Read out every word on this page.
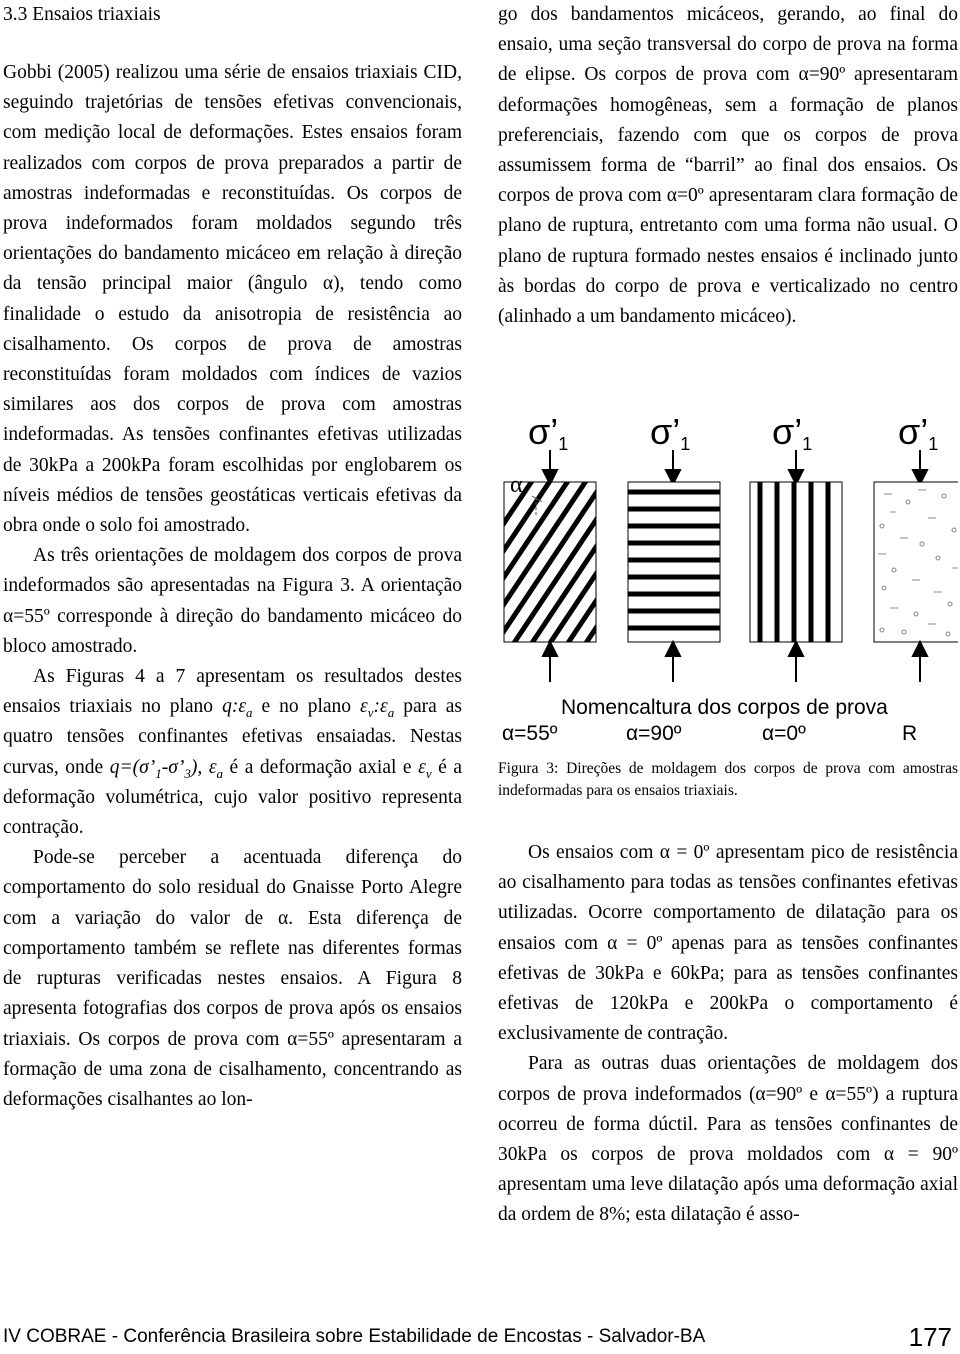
3.3 Ensaios triaxiais

Gobbi (2005) realizou uma série de ensaios triaxiais CID, seguindo trajetórias de tensões efetivas convencionais, com medição local de deformações. Estes ensaios foram realizados com corpos de prova preparados a partir de amostras indeformadas e reconstituídas. Os corpos de prova indeformados foram moldados segundo três orientações do bandamento micáceo em relação à direção da tensão principal maior (ângulo α), tendo como finalidade o estudo da anisotropia de resistência ao cisalhamento. Os corpos de prova de amostras reconstituídas foram moldados com índices de vazios similares aos dos corpos de prova com amostras indeformadas. As tensões confinantes efetivas utilizadas de 30kPa a 200kPa foram escolhidas por englobarem os níveis médios de tensões geostáticas verticais efetivas da obra onde o solo foi amostrado.

As três orientações de moldagem dos corpos de prova indeformados são apresentadas na Figura 3. A orientação α=55º corresponde à direção do bandamento micáceo do bloco amostrado.

As Figuras 4 a 7 apresentam os resultados destes ensaios triaxiais no plano $q:\varepsilon_a$ e no plano $\varepsilon_v:\varepsilon_a$ para as quatro tensões confinantes efetivas ensaiadas. Nestas curvas, onde $q=(\sigma’_1-\sigma’_3)$, $\varepsilon_a$ é a deformação axial e $\varepsilon_v$ é a deformação volumétrica, cujo valor positivo representa contração.

Pode-se perceber a acentuada diferença do comportamento do solo residual do Gnaisse Porto Alegre com a variação do valor de α. Esta diferença de comportamento também se reflete nas diferentes formas de rupturas verificadas nestes ensaios. A Figura 8 apresenta fotografias dos corpos de prova após os ensaios triaxiais. Os corpos de prova com α=55º apresentaram a formação de uma zona de cisalhamento, concentrando as deformações cisalhantes ao lon-

go dos bandamentos micáceos, gerando, ao final do ensaio, uma seção transversal do corpo de prova na forma de elipse. Os corpos de prova com α=90º apresentaram deformações homogêneas, sem a formação de planos preferenciais, fazendo com que os corpos de prova assumissem forma de “barril” ao final dos ensaios. Os corpos de prova com α=0º apresentaram clara formação de plano de ruptura, entretanto com uma forma não usual. O plano de ruptura formado nestes ensaios é inclinado junto às bordas do corpo de prova e verticalizado no centro (alinhado a um bandamento micáceo).

σ’1 σ’1 σ’1 σ’1
α
Nomencaltura dos corpos de prova
α=55º	α=90º	α=0º	R
Figura 3: Direções de moldagem dos corpos de prova com amostras indeformadas para os ensaios triaxiais.

Os ensaios com α = 0º apresentam pico de resistência ao cisalhamento para todas as tensões confinantes efetivas utilizadas. Ocorre comportamento de dilatação para os ensaios com α = 0º apenas para as tensões confinantes efetivas de 30kPa e 60kPa; para as tensões confinantes efetivas de 120kPa e 200kPa o comportamento é exclusivamente de contração.

Para as outras duas orientações de moldagem dos corpos de prova indeformados (α=90º e α=55º) a ruptura ocorreu de forma dúctil. Para as tensões confinantes de 30kPa os corpos de prova moldados com α = 90º apresentam uma leve dilatação após uma deformação axial da ordem de 8%; esta dilatação é asso-

IV COBRAE - Conferência Brasileira sobre Estabilidade de Encostas - Salvador-BA	177
